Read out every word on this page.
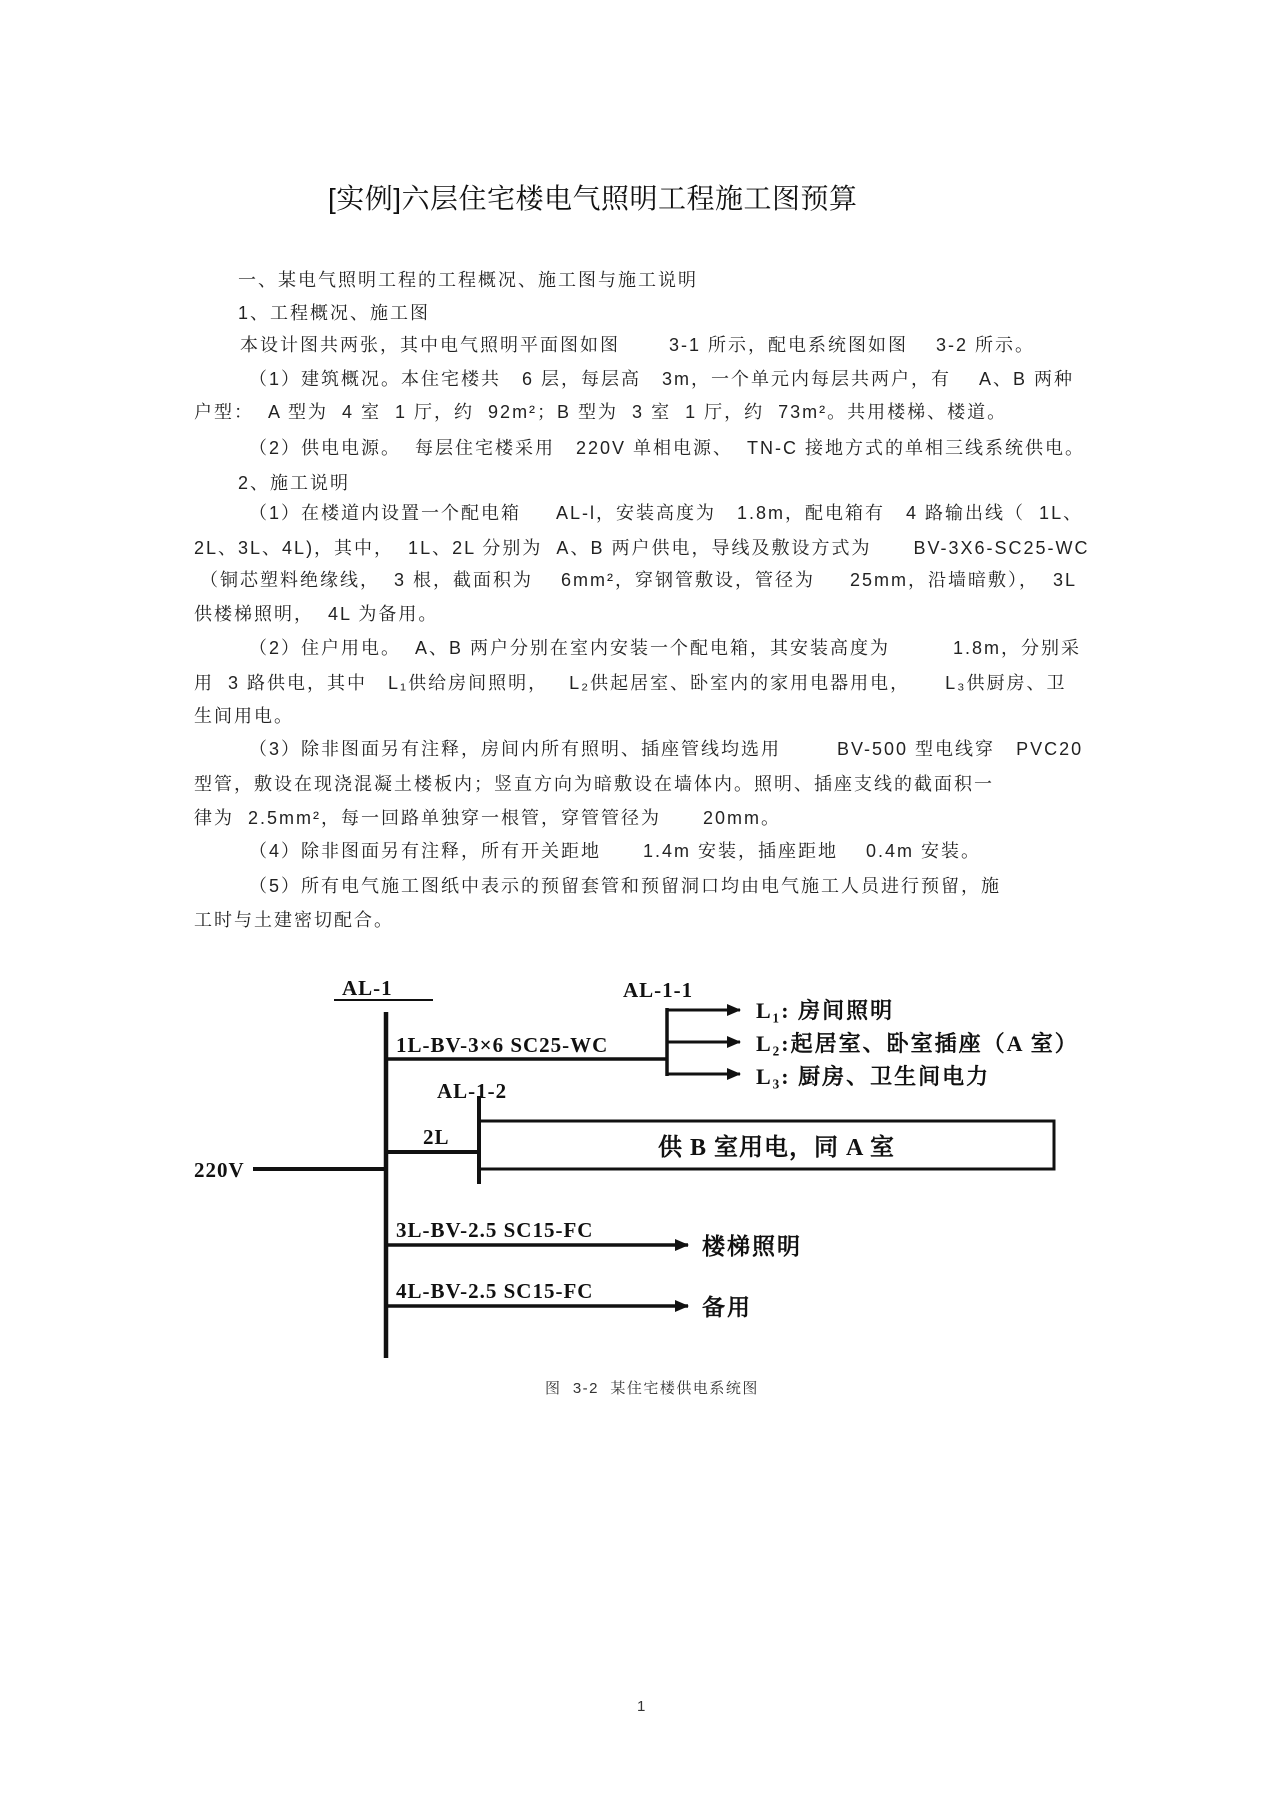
[实例]六层住宅楼电气照明工程施工图预算
一、某电气照明工程的工程概况、施工图与施工说明
1、工程概况、施工图
本设计图共两张，其中电气照明平面图如图       3-1 所示，配电系统图如图    3-2 所示。
（1）建筑概况。本住宅楼共   6 层，每层高   3m，一个单元内每层共两户，有    A、B 两种
户型：  A 型为  4 室  1 厅，约  92m²；B 型为  3 室  1 厅，约  73m²。共用楼梯、楼道。
（2）供电电源。  每层住宅楼采用   220V 单相电源、  TN-C 接地方式的单相三线系统供电。
2、施工说明
（1）在楼道内设置一个配电箱     AL-l，安装高度为   1.8m，配电箱有   4 路输出线（  1L、
2L、3L、4L)，其中，  1L、2L 分别为  A、B 两户供电，导线及敷设方式为      BV-3X6-SC25-WC
（铜芯塑料绝缘线，  3 根，截面积为    6mm²，穿钢管敷设，管径为     25mm，沿墙暗敷），  3L
供楼梯照明，  4L 为备用。
（2）住户用电。  A、B 两户分别在室内安装一个配电箱，其安装高度为         1.8m，分别采
用  3 路供电，其中   L₁供给房间照明，   L₂供起居室、卧室内的家用电器用电，     L₃供厨房、卫
生间用电。
（3）除非图面另有注释，房间内所有照明、插座管线均选用        BV-500 型电线穿   PVC20
型管，敷设在现浇混凝土楼板内；竖直方向为暗敷设在墙体内。照明、插座支线的截面积一
律为  2.5mm²，每一回路单独穿一根管，穿管管径为      20mm。
（4）除非图面另有注释，所有开关距地      1.4m 安装，插座距地    0.4m 安装。
（5）所有电气施工图纸中表示的预留套管和预留洞口均由电气施工人员进行预留，施
工时与土建密切配合。
AL-1
220V
1L-BV-3×6 SC25-WC
AL-1-1
L₁: 房间照明
L₂:起居室、卧室插座（A 室）
L₃: 厨房、卫生间电力
AL-1-2
2L	供 B 室用电，同 A 室
3L-BV-2.5 SC15-FC
楼梯照明
4L-BV-2.5 SC15-FC
备用
图  3-2  某住宅楼供电系统图
1
